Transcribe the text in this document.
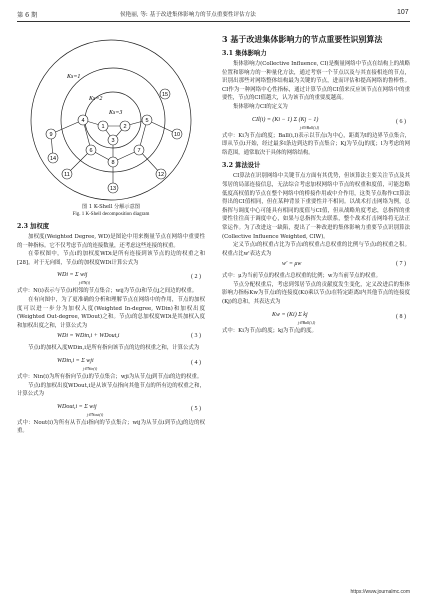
第 6 期	侯艳丽, 等: 基于改进集体影响力的节点重要性评估方法	107
Ks=1
Ks=2
Ks=3
1	2
3
4	5
6	7
8
9	10
11	12
13
14
15
图 1 K-Shell 分解示意图
Fig. 1 K-Shell decomposition diagram
2.3 加权度

加权度(Weighted Degree, WD)是图论中用来衡量节点在网络中重要性的一种指标。它不仅考虑节点的连接数量，还考虑这些连接的权重。

在带权图中，节点i的加权度WDi是所有连接到该节点的边的权重之和[28]。对于无向图，节点i的加权度WDi计算公式为

WDi = Σ wij
j∈N(i)
( 2 )

式中：N(i)表示与节点i相邻的节点集合；wij为节点i和节点j之间边的权重。

在有向图中，为了更准确的分析和理解节点在网络中的作用，节点的加权度可以进一步分为加权入度(Weighted In-degree, WDin)和加权出度(Weighted Out-degree, WDout)之和。节点i的总加权度WDi是其加权入度和加权出度之和，计算公式为

WDi = WDin,i + WDout,i	( 3 )

节点i的加权入度WDin,i是所有指向该节点的边的权重之和，计算公式为

WDin,i = Σ wji
j∈Nin(i)
( 4 )

式中：Nin(i)为所有指向节点i的节点集合；wji为从节点j到节点i的边的权重。

节点i的加权出度WDout,i是从该节点指向其他节点的所有边的权重之和，计算公式为

WDout,i = Σ wij
j∈Nout(i)
( 5 )

式中：Nout(i)为所有从节点i指向的节点集合；wij为从节点i到节点j的边的权重。

3 基于改进集体影响力的节点重要性识别算法
3.1 集体影响力

集体影响力(Collective Influence, CI)是衡量网络中节点在结构上的战略位置和影响力的一种量化方法，通过考察一个节点以及与其直接相连的节点，识别出那些对网络整体结构最为关键的节点，进而评估和提高网络的鲁棒性。CI作为一种网络中心性指标，通过计算节点的CI值来反应该节点在网络中的重要性，节点的CI值越大，认为该节点的重要度越高。

集体影响力CI的定义为

CIl(i) = (Ki − 1) Σ (Kj − 1)
j∈∂Ball(i,l)
( 6 )

式中：Ki为节点i的度；Ball(i,l)表示以节点i为中心，距离为l的边界节点集合，即从节点i开始，经过最多l条边到达的节点集合；Kj为节点j的度；l为考虑的网络范围，通常取决于具体的网络结构。

3.2 算法设计

CI算法在识别网络中关键节点方面有其优势，但该算法主要关注节点及其邻居的局部连接信息，无法综合考虑加权网络中节点的权重和度值，可能忽略低度高权值的节点在整个网络中的桥接作用或中介作用，这类节点称作CI算法得出的CI值相同，但在某种背景下重要性并不相同。以战术打击网络为例，总指挥与调度中心可能具有相同的度值与CI值，但从战略角度考虑，总指挥的重要性往往高于调度中心，如果与总指挥失去联系，整个战术打击网络将无法正常运作。为了改进这一缺陷，提出了一种改进的集体影响力重要节点识别算法(Collective Influence Weighted, CIW)。

定义节点i的权重占比为节点i的权重占总权重的比例与节点i的权重之积。权重占比w'表达式为

w′ = μw	( 7 )

式中：μ为当前节点的权重占总权重的比例；w为当前节点的权重。

节点分配权重后，考虑到邻居节点的贡献度发生变化，定义改进后的集体影响力指标Kw为节点i的连接度(Ki)乘以节点i在特定距离l内其他节点的连接度(Kj)的总和，其表达式为

Kw = (Ki) Σ kj
j∈Ball(i,l)
( 8 )

式中：Ki为节点i的度；kj为节点j的度。

https://www.journalmc.com
